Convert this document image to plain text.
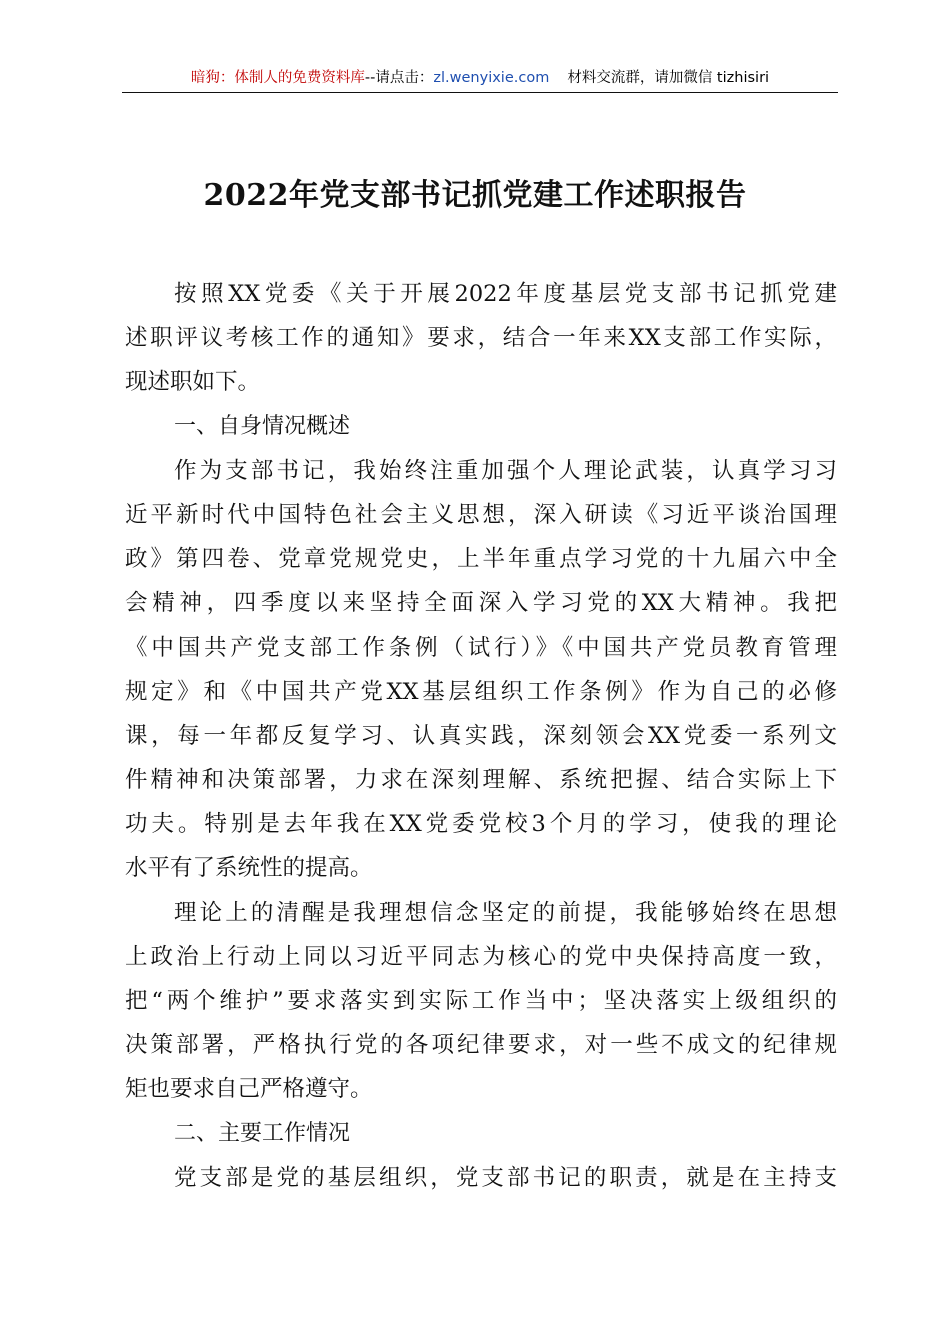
暗狗：体制人的免费资料库--请点击：zl.wenyixie.com 材料交流群，请加微信 tizhisiri
2022年党支部书记抓党建工作述职报告
按照XX党委《关于开展2022年度基层党支部书记抓党建
述职评议考核工作的通知》要求，结合一年来XX支部工作实际，
现述职如下。
一、自身情况概述
作为支部书记，我始终注重加强个人理论武装，认真学习习
近平新时代中国特色社会主义思想，深入研读《习近平谈治国理
政》第四卷、党章党规党史，上半年重点学习党的十九届六中全
会精神，四季度以来坚持全面深入学习党的XX大精神。我把
《中国共产党支部工作条例（试行）》《中国共产党员教育管理
规定》和《中国共产党XX基层组织工作条例》作为自己的必修
课，每一年都反复学习、认真实践，深刻领会XX党委一系列文
件精神和决策部署，力求在深刻理解、系统把握、结合实际上下
功夫。特别是去年我在XX党委党校3个月的学习，使我的理论
水平有了系统性的提高。
理论上的清醒是我理想信念坚定的前提，我能够始终在思想
上政治上行动上同以习近平同志为核心的党中央保持高度一致，
把“两个维护”要求落实到实际工作当中；坚决落实上级组织的
决策部署，严格执行党的各项纪律要求，对一些不成文的纪律规
矩也要求自己严格遵守。
二、主要工作情况
党支部是党的基层组织，党支部书记的职责，就是在主持支
